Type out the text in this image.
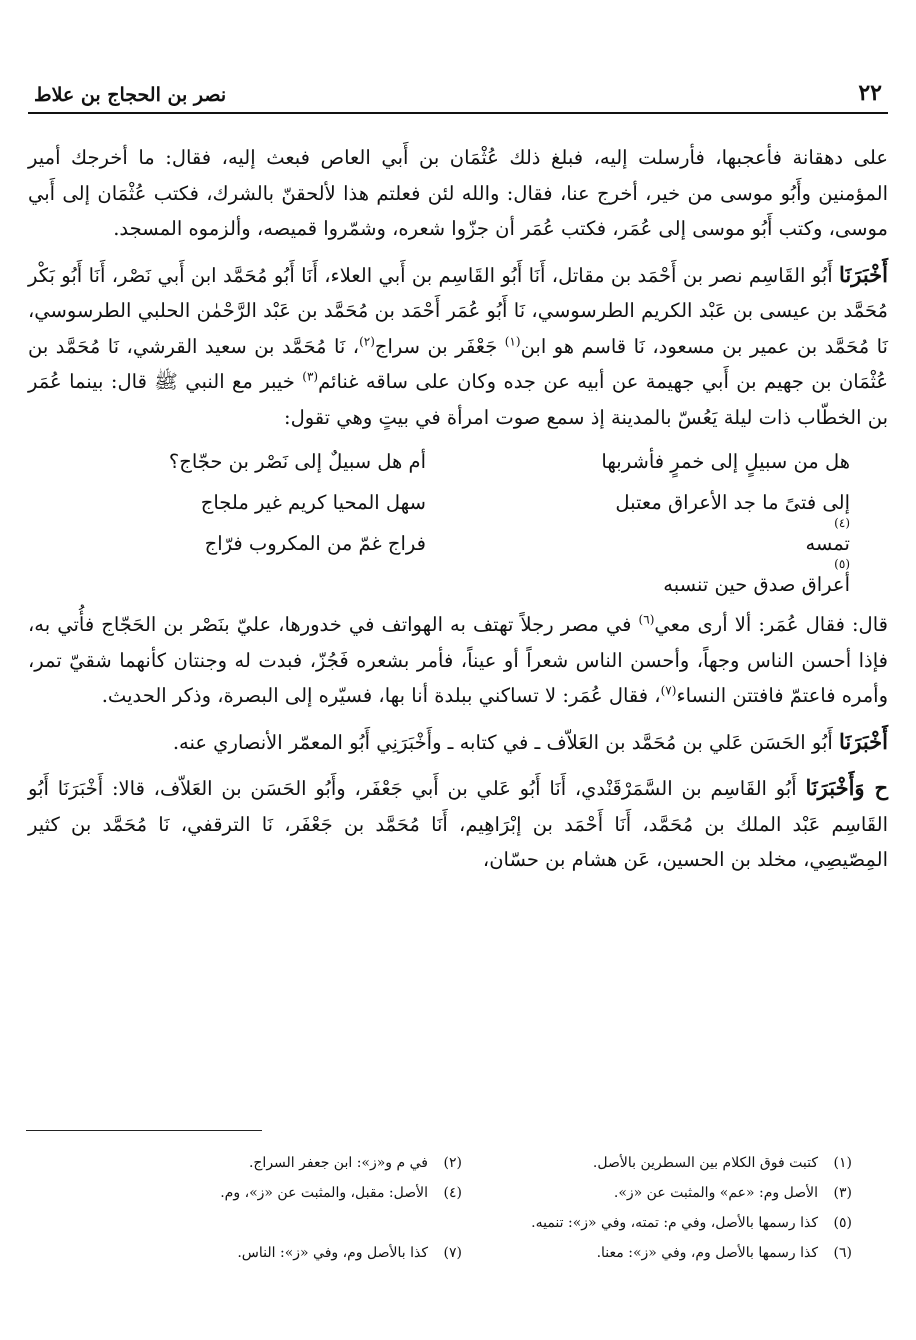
٢٢
نصر بن الحجاج بن علاط

على دهقانة فأعجبها، فأرسلت إليه، فبلغ ذلك عُثْمَان بن أَبي العاص فبعث إليه، فقال: ما أخرجك أمير المؤمنين وأَبُو موسى من خير، أخرج عنا، فقال: والله لئن فعلتم هذا لألحقنّ بالشرك، فكتب عُثْمَان إلى أَبي موسى، وكتب أَبُو موسى إلى عُمَر، فكتب عُمَر أن جزّوا شعره، وشمّروا قميصه، وألزموه المسجد.

أَخْبَرَنَا أَبُو القَاسِم نصر بن أَحْمَد بن مقاتل، أَنَا أَبُو القَاسِم بن أَبي العلاء، أَنَا أَبُو مُحَمَّد ابن أَبي نَصْر، أَنَا أَبُو بَكْر مُحَمَّد بن عيسى بن عَبْد الكريم الطرسوسي، نَا أَبُو عُمَر أَحْمَد بن مُحَمَّد بن عَبْد الرَّحْمٰن الحلبي الطرسوسي، نَا مُحَمَّد بن عمير بن مسعود، نَا قاسم هو ابن$^{(١)}$ جَعْفَر بن سراج$^{(٢)}$، نَا مُحَمَّد بن سعيد القرشي، نَا مُحَمَّد بن عُثْمَان بن جهيم بن أَبي جهيمة عن أبيه عن جده وكان على ساقه غنائم$^{(٣)}$ خيبر مع النبي ﷺ قال: بينما عُمَر بن الخطّاب ذات ليلة يَعُسّ بالمدينة إذ سمع صوت امرأة في بيتٍ وهي تقول:

هل من سبيلٍ إلى خمرٍ فأشربها
أم هل سبيلٌ إلى نَصْر بن حجّاج؟
إلى فتىً ما جد الأعراق معتبل
(٤)
سهل المحيا كريم غير ملجاج
تمسه
(٥)
أعراق صدق حين تنسبه
فراج غمّ من المكروب فرّاج

قال: فقال عُمَر: ألا أرى معي$^{(٦)}$ في مصر رجلاً تهتف به الهواتف في خدورها، عليّ بنَصْر بن الحَجّاج فأُتي به، فإذا أحسن الناس وجهاً، وأحسن الناس شعراً أو عيناً، فأمر بشعره فَجُزّ، فبدت له وجنتان كأنهما شقيّ تمر، وأمره فاعتمّ فافتتن النساء$^{(٧)}$، فقال عُمَر: لا تساكني ببلدة أنا بها، فسيّره إلى البصرة، وذكر الحديث.

أَخْبَرَنَا أَبُو الحَسَن عَلي بن مُحَمَّد بن العَلاّف ـ في كتابه ـ وأَخْبَرَنِي أَبُو المعمّر الأنصاري عنه.

ح وَأَخْبَرَنَا أَبُو القَاسِم بن السَّمَرْقَنْدي، أَنَا أَبُو عَلي بن أَبي جَعْفَر، وأَبُو الحَسَن بن العَلاّف، قالا: أَخْبَرَنَا أَبُو القَاسِم عَبْد الملك بن مُحَمَّد، أَنَا أَحْمَد بن إبْرَاهِيم، أَنَا مُحَمَّد بن جَعْفَر، نَا الترقفي، نَا مُحَمَّد بن كثير المِصّيصِي، مخلد بن الحسين، عَن هشام بن حسّان،

(١)كتبت فوق الكلام بين السطرين بالأصل.
(٢)في م و«ز»: ابن جعفر السراج.
(٣)الأصل وم: «عم» والمثبت عن «ز».
(٤)الأصل: مقبل، والمثبت عن «ز»، وم.
(٥)كذا رسمها بالأصل، وفي م: تمته، وفي «ز»: تنميه.
(٦)كذا رسمها بالأصل وم، وفي «ز»: معنا.
(٧)كذا بالأصل وم، وفي «ز»: الناس.
